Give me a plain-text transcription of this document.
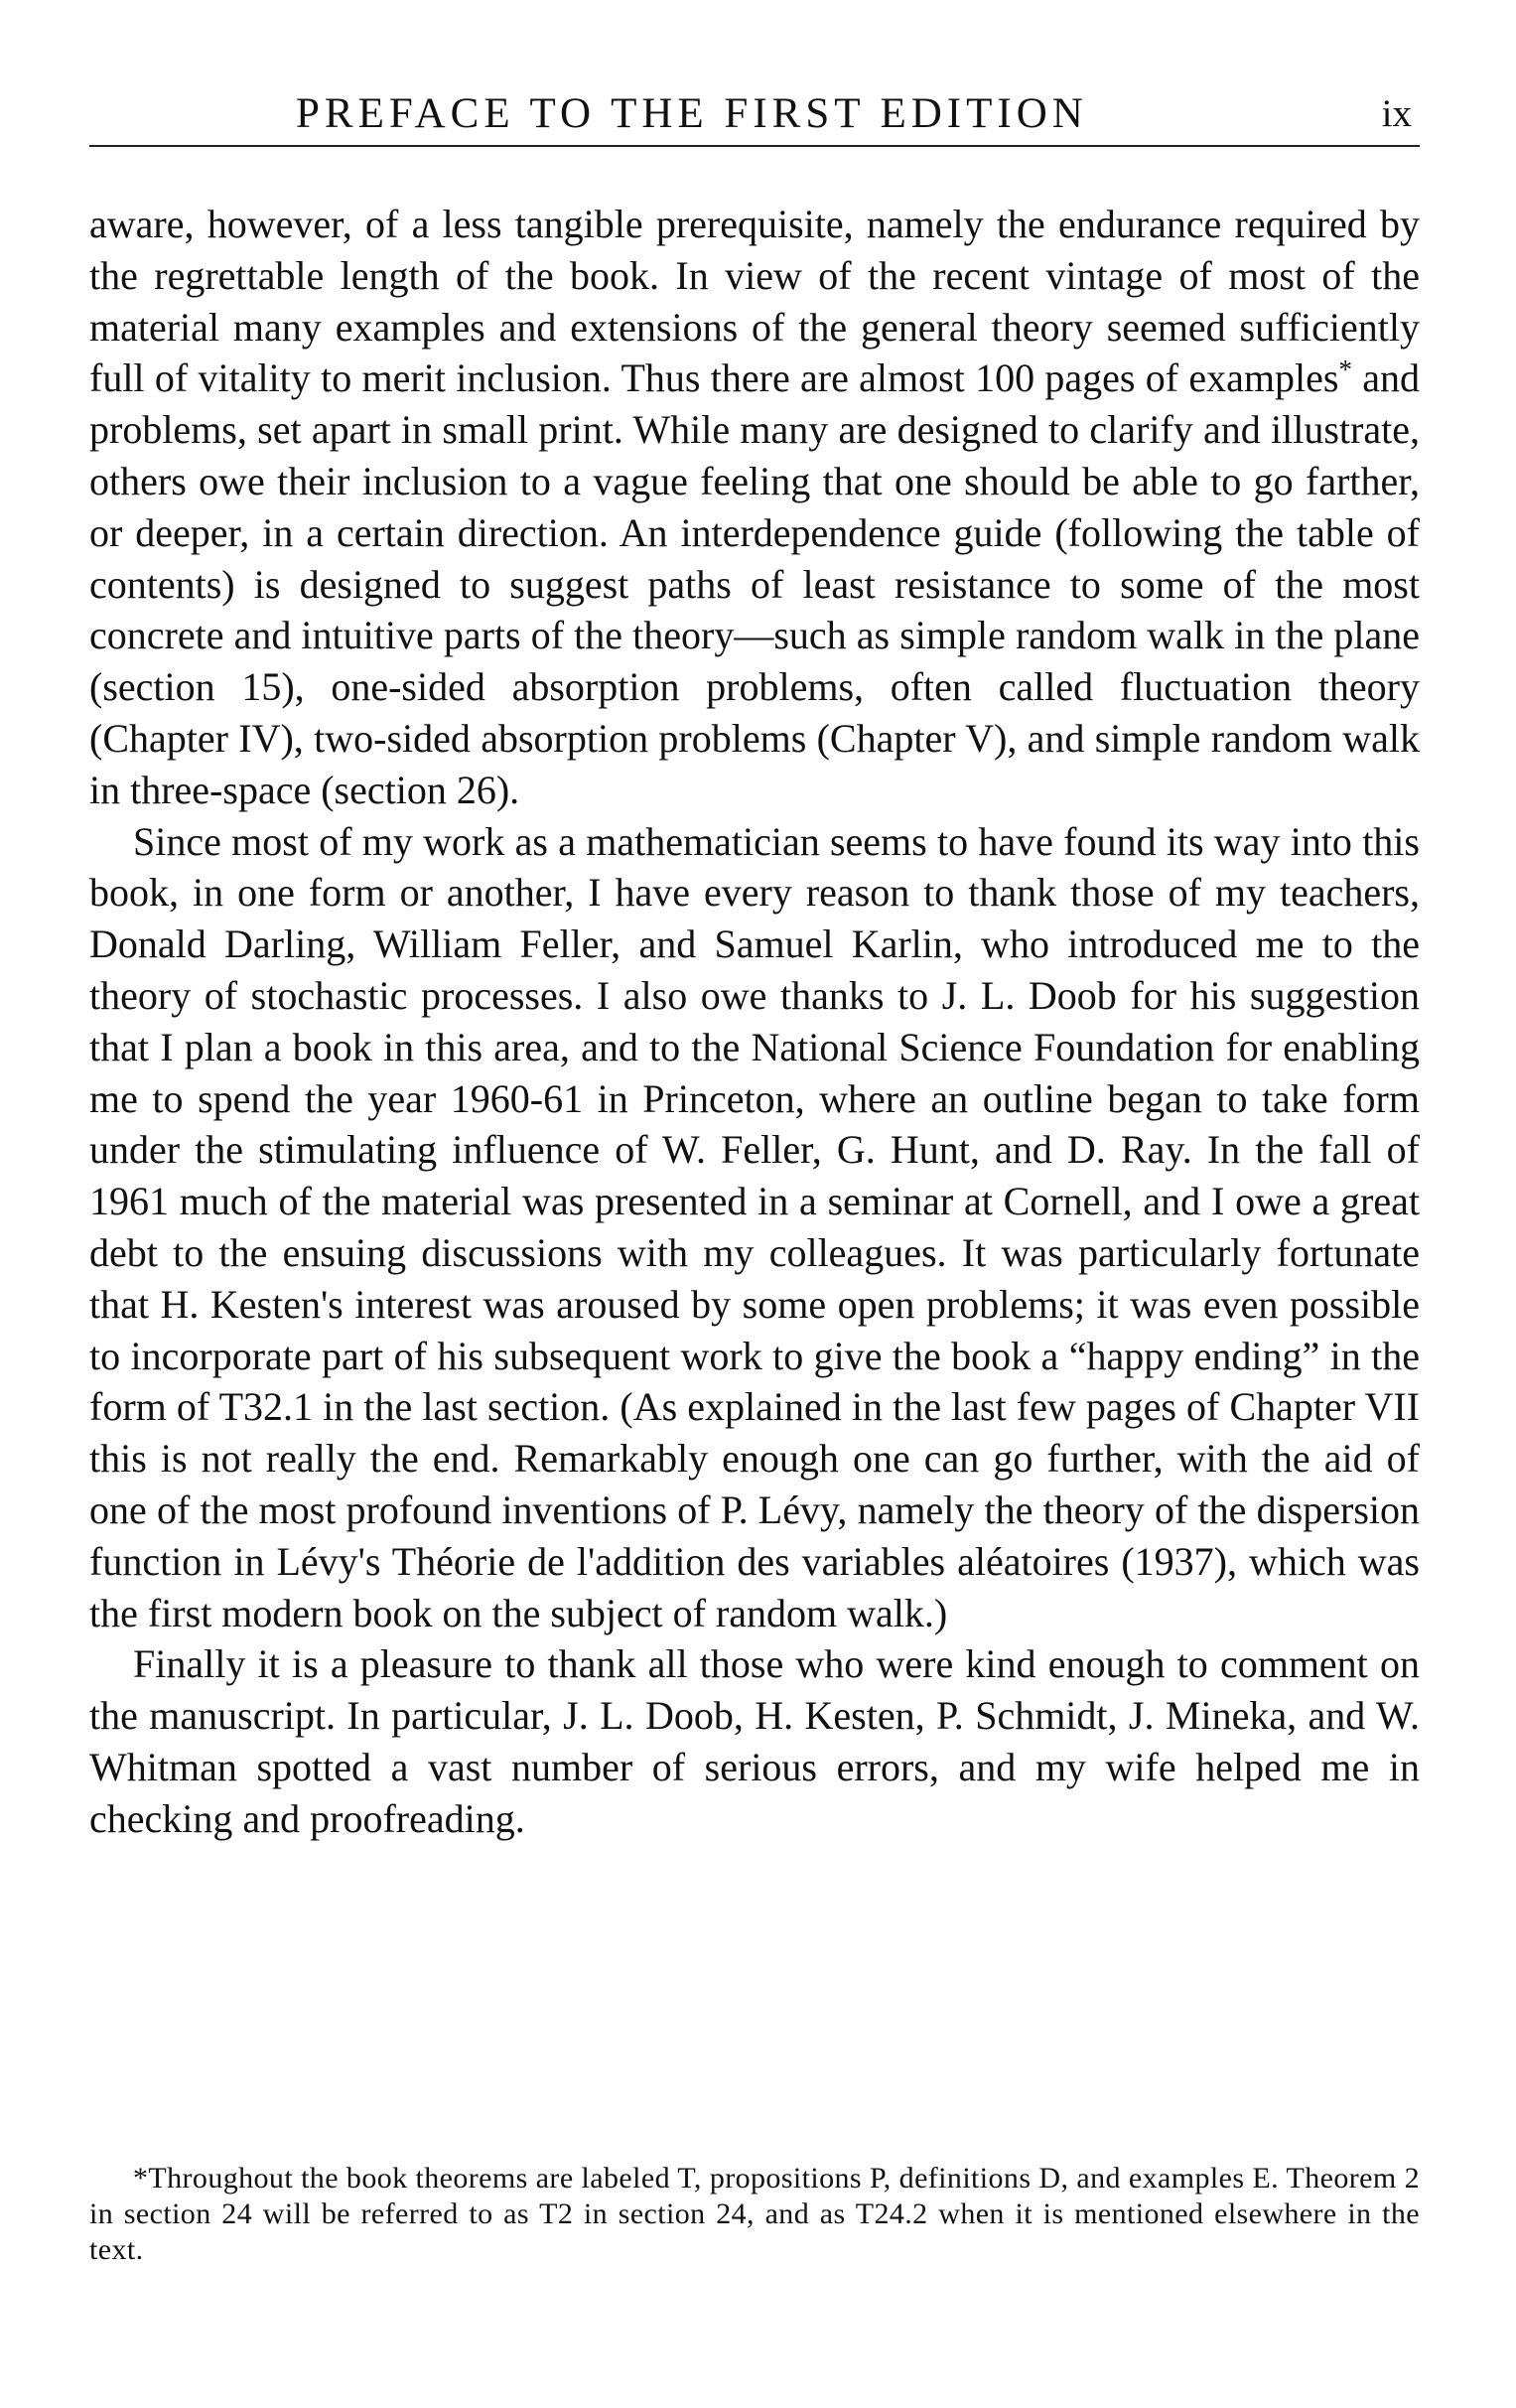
PREFACE TO THE FIRST EDITION	ix

aware, however, of a less tangible prerequisite, namely the endurance required by the regrettable length of the book. In view of the recent vintage of most of the material many examples and extensions of the general theory seemed sufficiently full of vitality to merit inclusion. Thus there are almost 100 pages of examples* and problems, set apart in small print. While many are designed to clarify and illustrate, others owe their inclusion to a vague feeling that one should be able to go farther, or deeper, in a certain direction. An interdependence guide (following the table of contents) is designed to suggest paths of least resistance to some of the most concrete and intuitive parts of the theory—such as simple random walk in the plane (section 15), one-sided absorption problems, often called fluctuation theory (Chapter IV), two-sided absorption problems (Chapter V), and simple random walk in three-space (section 26).

Since most of my work as a mathematician seems to have found its way into this book, in one form or another, I have every reason to thank those of my teachers, Donald Darling, William Feller, and Samuel Karlin, who introduced me to the theory of stochastic processes. I also owe thanks to J. L. Doob for his suggestion that I plan a book in this area, and to the National Science Foundation for enabling me to spend the year 1960-61 in Princeton, where an outline began to take form under the stimulating influence of W. Feller, G. Hunt, and D. Ray. In the fall of 1961 much of the material was presented in a seminar at Cornell, and I owe a great debt to the ensuing discussions with my colleagues. It was particularly fortunate that H. Kesten's interest was aroused by some open problems; it was even possible to incorporate part of his subsequent work to give the book a “happy ending” in the form of T32.1 in the last section. (As explained in the last few pages of Chapter VII this is not really the end. Remarkably enough one can go further, with the aid of one of the most profound inventions of P. Lévy, namely the theory of the dispersion function in Lévy's Théorie de l'addition des variables aléatoires (1937), which was the first modern book on the subject of random walk.)

Finally it is a pleasure to thank all those who were kind enough to comment on the manuscript. In particular, J. L. Doob, H. Kesten, P. Schmidt, J. Mineka, and W. Whitman spotted a vast number of serious errors, and my wife helped me in checking and proofreading.

*Throughout the book theorems are labeled T, propositions P, definitions D, and examples E. Theorem 2 in section 24 will be referred to as T2 in section 24, and as T24.2 when it is mentioned elsewhere in the text.
